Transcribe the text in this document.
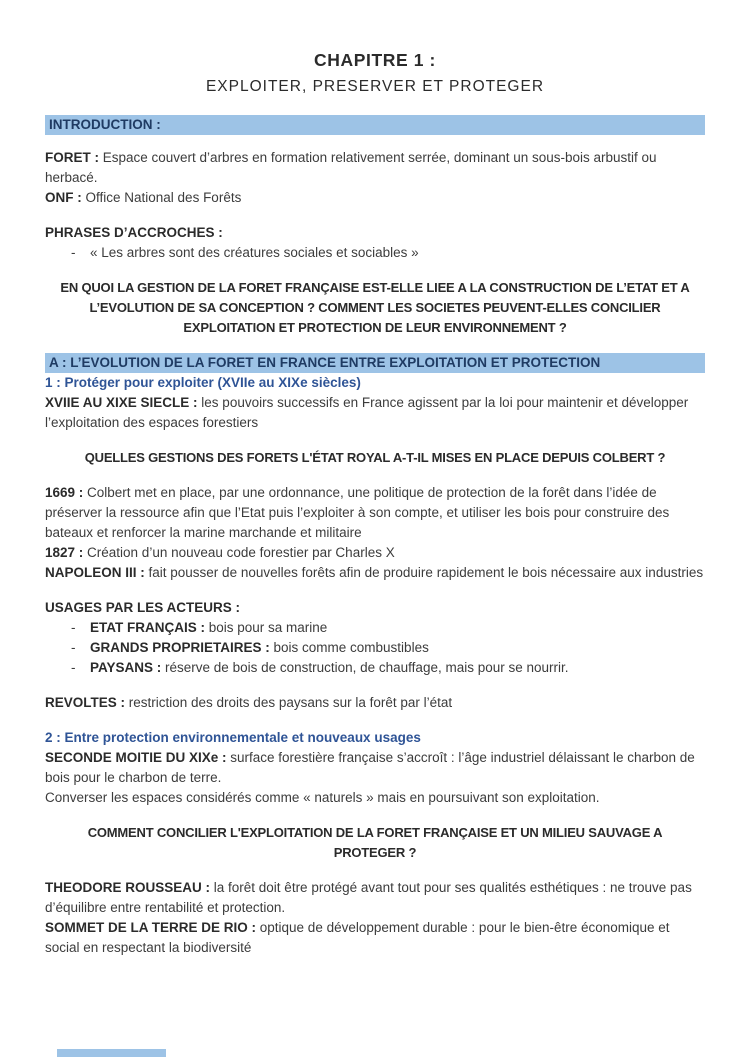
CHAPITRE 1 :
EXPLOITER, PRESERVER ET PROTEGER
INTRODUCTION :
FORET : Espace couvert d’arbres en formation relativement serrée, dominant un sous-bois arbustif ou herbacé.
ONF : Office National des Forêts
PHRASES D’ACCROCHES :
-	« Les arbres sont des créatures sociales et sociables »
EN QUOI LA GESTION DE LA FORET FRANÇAISE EST-ELLE LIEE A LA CONSTRUCTION DE L’ETAT ET A L’EVOLUTION DE SA CONCEPTION ? COMMENT LES SOCIETES PEUVENT-ELLES CONCILIER EXPLOITATION ET PROTECTION DE LEUR ENVIRONNEMENT ?
A : L’EVOLUTION DE LA FORET EN FRANCE ENTRE EXPLOITATION ET PROTECTION
1 : Protéger pour exploiter (XVIIe au XIXe siècles)
XVIIE AU XIXE SIECLE : les pouvoirs successifs en France agissent par la loi pour maintenir et développer l’exploitation des espaces forestiers
QUELLES GESTIONS DES FORETS L'ÉTAT ROYAL A-T-IL MISES EN PLACE DEPUIS COLBERT ?
1669 : Colbert met en place, par une ordonnance, une politique de protection de la forêt dans l’idée de préserver la ressource afin que l’Etat puis l’exploiter à son compte, et utiliser les bois pour construire des bateaux et renforcer la marine marchande et militaire
1827 : Création d’un nouveau code forestier par Charles X
NAPOLEON III : fait pousser de nouvelles forêts afin de produire rapidement le bois nécessaire aux industries
USAGES PAR LES ACTEURS :
-	ETAT FRANÇAIS : bois pour sa marine
-	GRANDS PROPRIETAIRES : bois comme combustibles
-	PAYSANS : réserve de bois de construction, de chauffage, mais pour se nourrir.
REVOLTES : restriction des droits des paysans sur la forêt par l’état
2 : Entre protection environnementale et nouveaux usages
SECONDE MOITIE DU XIXe : surface forestière française s’accroît : l’âge industriel délaissant le charbon de bois pour le charbon de terre.
Converser les espaces considérés comme « naturels » mais en poursuivant son exploitation.
COMMENT CONCILIER L'EXPLOITATION DE LA FORET FRANÇAISE ET UN MILIEU SAUVAGE A PROTEGER ?
THEODORE ROUSSEAU : la forêt doit être protégé avant tout pour ses qualités esthétiques : ne trouve pas d’équilibre entre rentabilité et protection.
SOMMET DE LA TERRE DE RIO : optique de développement durable : pour le bien-être économique et social en respectant la biodiversité
